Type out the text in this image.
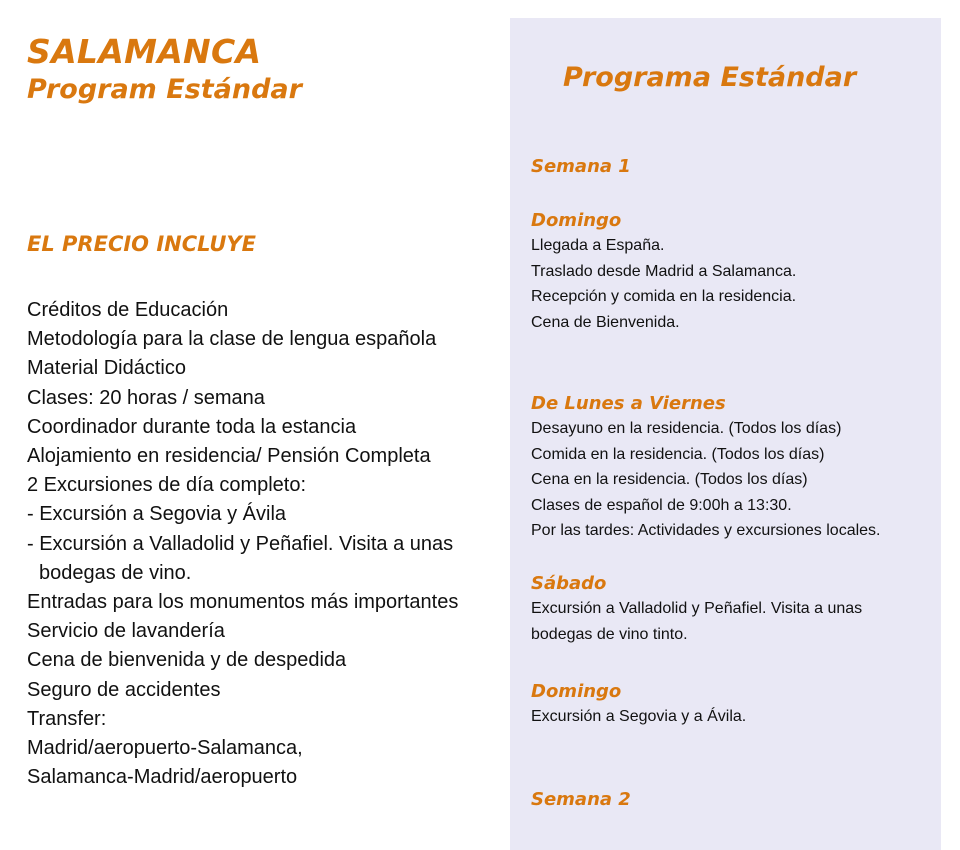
SALAMANCA
Program Estándar
EL PRECIO INCLUYE
Créditos de Educación
Metodología para la clase de lengua española
Material Didáctico
Clases: 20 horas / semana
Coordinador durante toda la estancia
Alojamiento en residencia/ Pensión Completa
2 Excursiones de día completo:
- Excursión a Segovia y Ávila
- Excursión a Valladolid y Peñafiel. Visita a unas
bodegas de vino.
Entradas para los monumentos más importantes
Servicio de lavandería
Cena de bienvenida y de despedida
Seguro de accidentes
Transfer:
Madrid/aeropuerto-Salamanca,
Salamanca-Madrid/aeropuerto
Programa Estándar

Semana 1

Domingo

Llegada a España.
Traslado desde Madrid a Salamanca.
Recepción y comida en la residencia.
Cena de Bienvenida.

De Lunes a Viernes

Desayuno en la residencia. (Todos los días)
Comida en la residencia. (Todos los días)
Cena en la residencia. (Todos los días)
Clases de español de 9:00h a 13:30.
Por las tardes: Actividades y excursiones locales.

Sábado

Excursión a Valladolid y Peñafiel. Visita a unas
bodegas de vino tinto.

Domingo

Excursión a Segovia y a Ávila.

Semana 2
